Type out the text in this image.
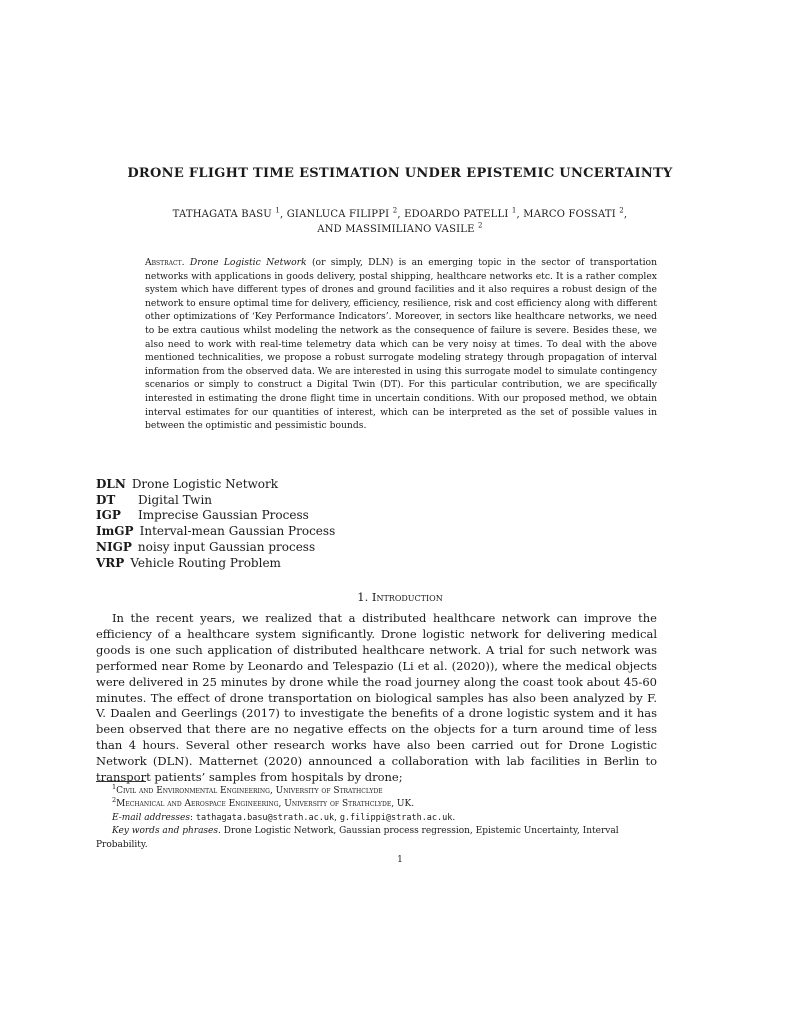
DRONE FLIGHT TIME ESTIMATION UNDER EPISTEMIC UNCERTAINTY
TATHAGATA BASU $^1$, GIANLUCA FILIPPI $^2$, EDOARDO PATELLI $^1$, MARCO FOSSATI $^2$,
AND MASSIMILIANO VASILE $^2$
Abstract. Drone Logistic Network (or simply, DLN) is an emerging topic in the sector of transportation networks with applications in goods delivery, postal shipping, healthcare networks etc. It is a rather complex system which have different types of drones and ground facilities and it also requires a robust design of the network to ensure optimal time for delivery, efficiency, resilience, risk and cost efficiency along with different other optimizations of ‘Key Performance Indicators’. Moreover, in sectors like healthcare networks, we need to be extra cautious whilst modeling the network as the consequence of failure is severe. Besides these, we also need to work with real-time telemetry data which can be very noisy at times. To deal with the above mentioned technicalities, we propose a robust surrogate modeling strategy through propagation of interval information from the observed data. We are interested in using this surrogate model to simulate contingency scenarios or simply to construct a Digital Twin (DT). For this particular contribution, we are specifically interested in estimating the drone flight time in uncertain conditions. With our proposed method, we obtain interval estimates for our quantities of interest, which can be interpreted as the set of possible values in between the optimistic and pessimistic bounds.
DLN Drone Logistic Network
DT	Digital Twin
IGP	Imprecise Gaussian Process
ImGP Interval-mean Gaussian Process
NIGP noisy input Gaussian process
VRP Vehicle Routing Problem
1. Introduction
In the recent years, we realized that a distributed healthcare network can improve the efficiency of a healthcare system significantly. Drone logistic network for delivering medical goods is one such application of distributed healthcare network. A trial for such network was performed near Rome by Leonardo and Telespazio (Li et al. (2020)), where the medical objects were delivered in 25 minutes by drone while the road journey along the coast took about 45-60 minutes. The effect of drone transportation on biological samples has also been analyzed by F. V. Daalen and Geerlings (2017) to investigate the benefits of a drone logistic system and it has been observed that there are no negative effects on the objects for a turn around time of less than 4 hours. Several other research works have also been carried out for Drone Logistic Network (DLN). Matternet (2020) announced a collaboration with lab facilities in Berlin to transport patients’ samples from hospitals by drone;
$^1$Civil and Environmental Engineering, University of Strathclyde
$^2$Mechanical and Aerospace Engineering, University of Strathclyde, UK.
E-mail addresses: tathagata.basu@strath.ac.uk, g.filippi@strath.ac.uk.
Key words and phrases. Drone Logistic Network, Gaussian process regression, Epistemic Uncertainty, Interval Probability.
1
